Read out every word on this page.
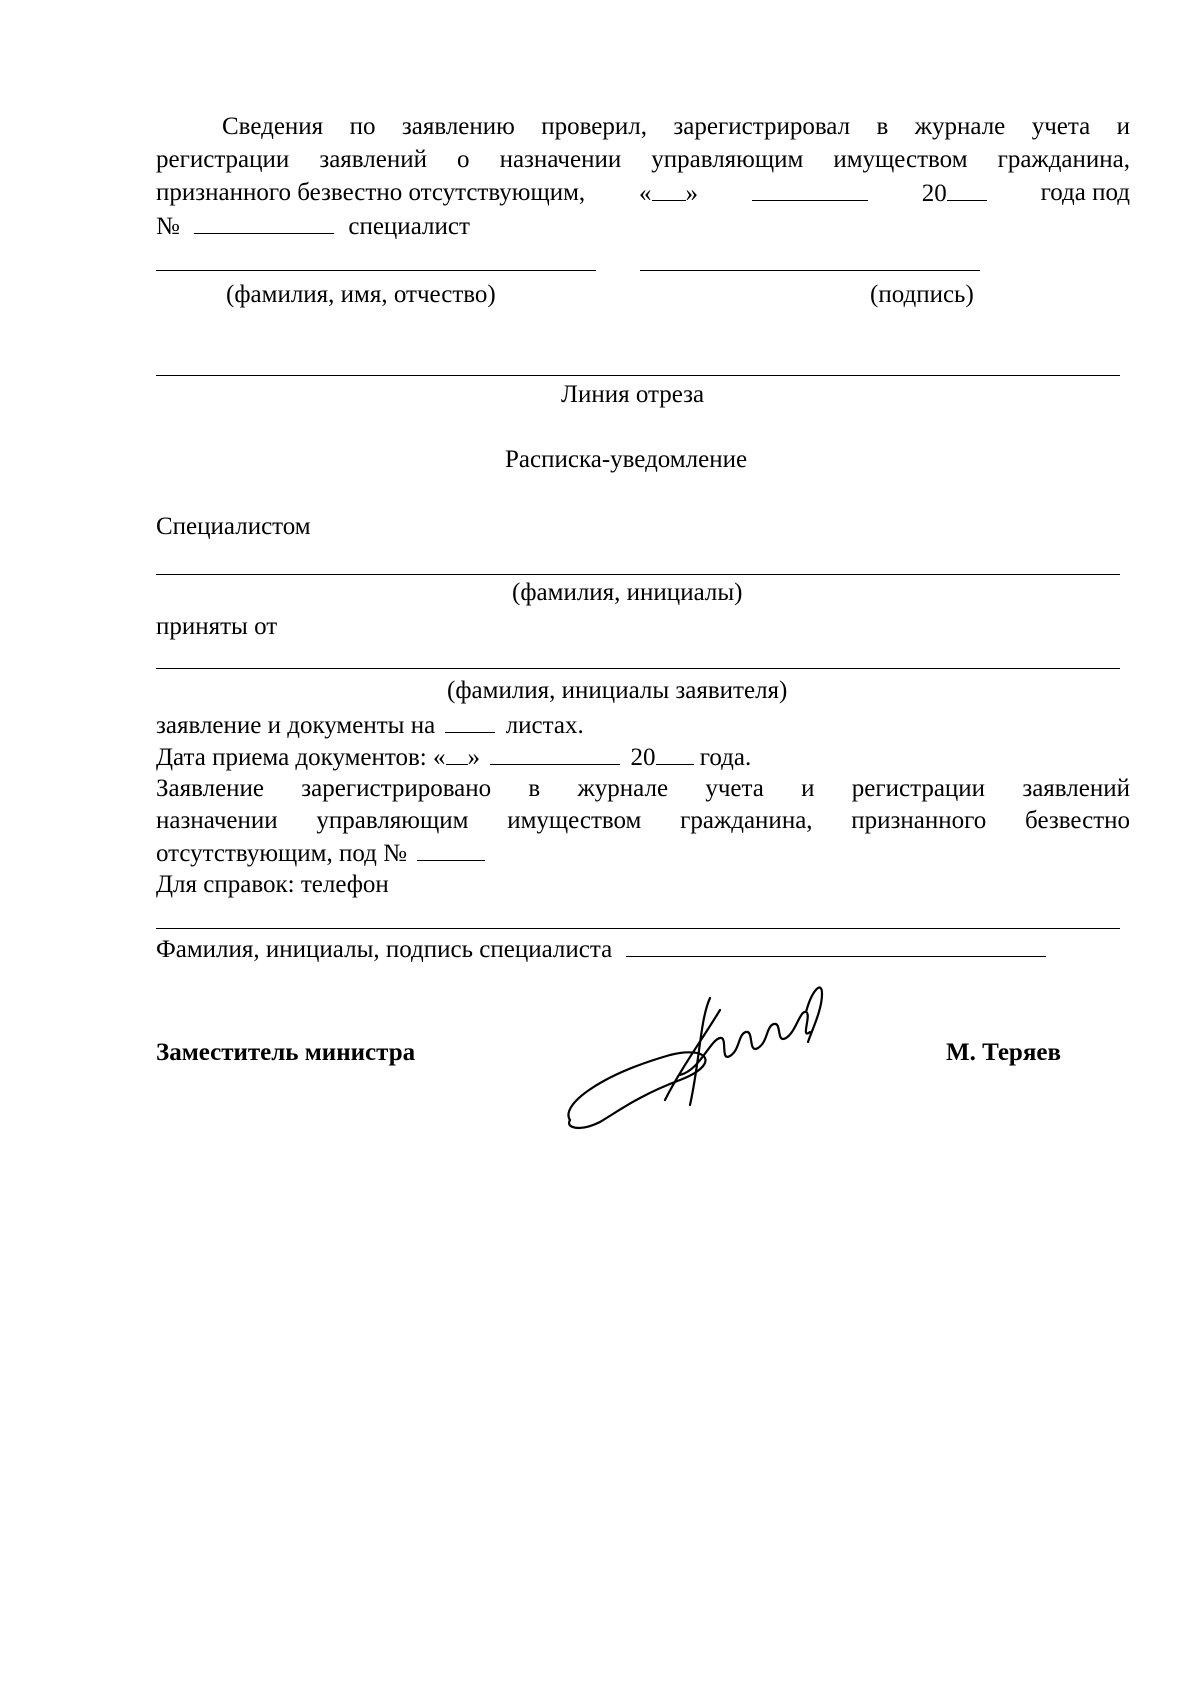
Сведения по заявлению проверил, зарегистрировал в журнале учета и
регистрации заявлений о назначении управляющим имуществом гражданина,
признанного безвестно отсутствующим, « »	20	года под
№	специалист
(фамилия, имя, отчество)	(подпись)
Линия отреза
Расписка-уведомление
Специалистом
(фамилия, инициалы)
приняты от
(фамилия, инициалы заявителя)
заявление и документы на	листах.
Дата приема документов: « »	20 года.
Заявление зарегистрировано в журнале учета и регистрации заявлений
назначении управляющим имуществом гражданина, признанного безвестно
отсутствующим, под №
Для справок: телефон
Фамилия, инициалы, подпись специалиста
Заместитель министра	М. Теряев
